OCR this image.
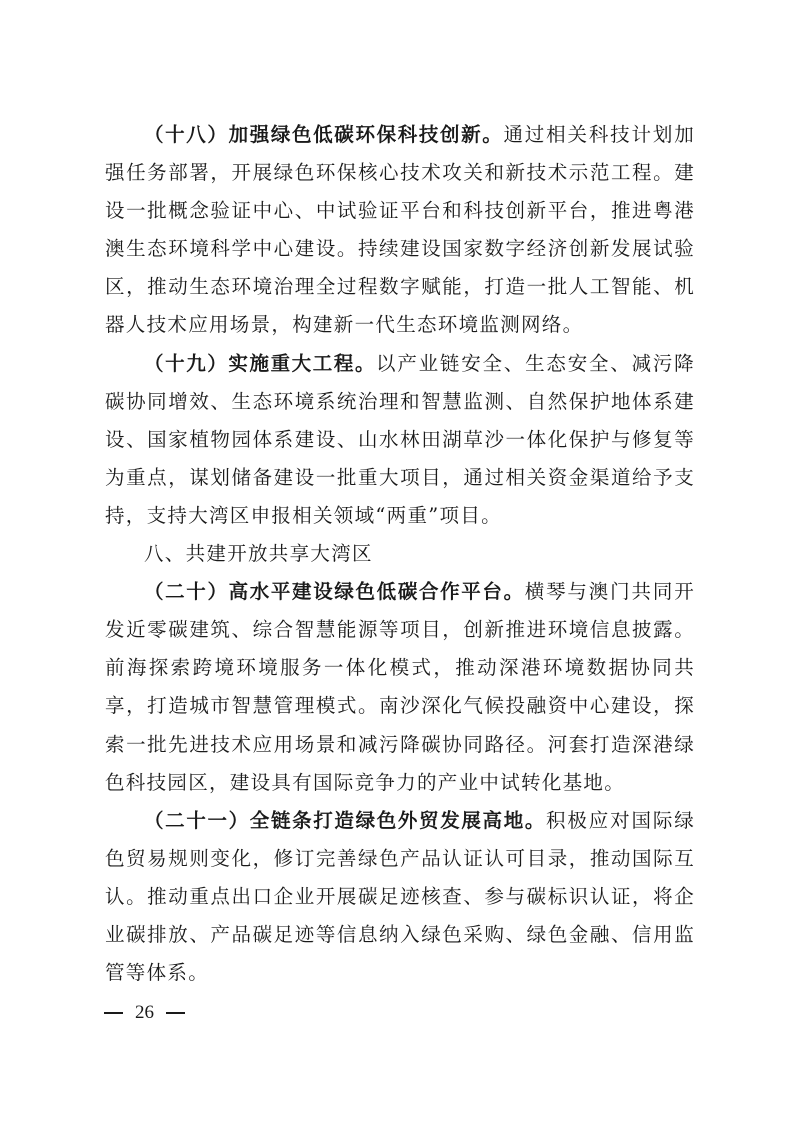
（十八）加强绿色低碳环保科技创新。通过相关科技计划加强任务部署，开展绿色环保核心技术攻关和新技术示范工程。建设一批概念验证中心、中试验证平台和科技创新平台，推进粤港澳生态环境科学中心建设。持续建设国家数字经济创新发展试验区，推动生态环境治理全过程数字赋能，打造一批人工智能、机器人技术应用场景，构建新一代生态环境监测网络。

（十九）实施重大工程。以产业链安全、生态安全、减污降碳协同增效、生态环境系统治理和智慧监测、自然保护地体系建设、国家植物园体系建设、山水林田湖草沙一体化保护与修复等为重点，谋划储备建设一批重大项目，通过相关资金渠道给予支持，支持大湾区申报相关领域“两重”项目。

八、共建开放共享大湾区

（二十）高水平建设绿色低碳合作平台。横琴与澳门共同开发近零碳建筑、综合智慧能源等项目，创新推进环境信息披露。前海探索跨境环境服务一体化模式，推动深港环境数据协同共享，打造城市智慧管理模式。南沙深化气候投融资中心建设，探索一批先进技术应用场景和减污降碳协同路径。河套打造深港绿色科技园区，建设具有国际竞争力的产业中试转化基地。

（二十一）全链条打造绿色外贸发展高地。积极应对国际绿色贸易规则变化，修订完善绿色产品认证认可目录，推动国际互认。推动重点出口企业开展碳足迹核查、参与碳标识认证，将企业碳排放、产品碳足迹等信息纳入绿色采购、绿色金融、信用监管等体系。

26
